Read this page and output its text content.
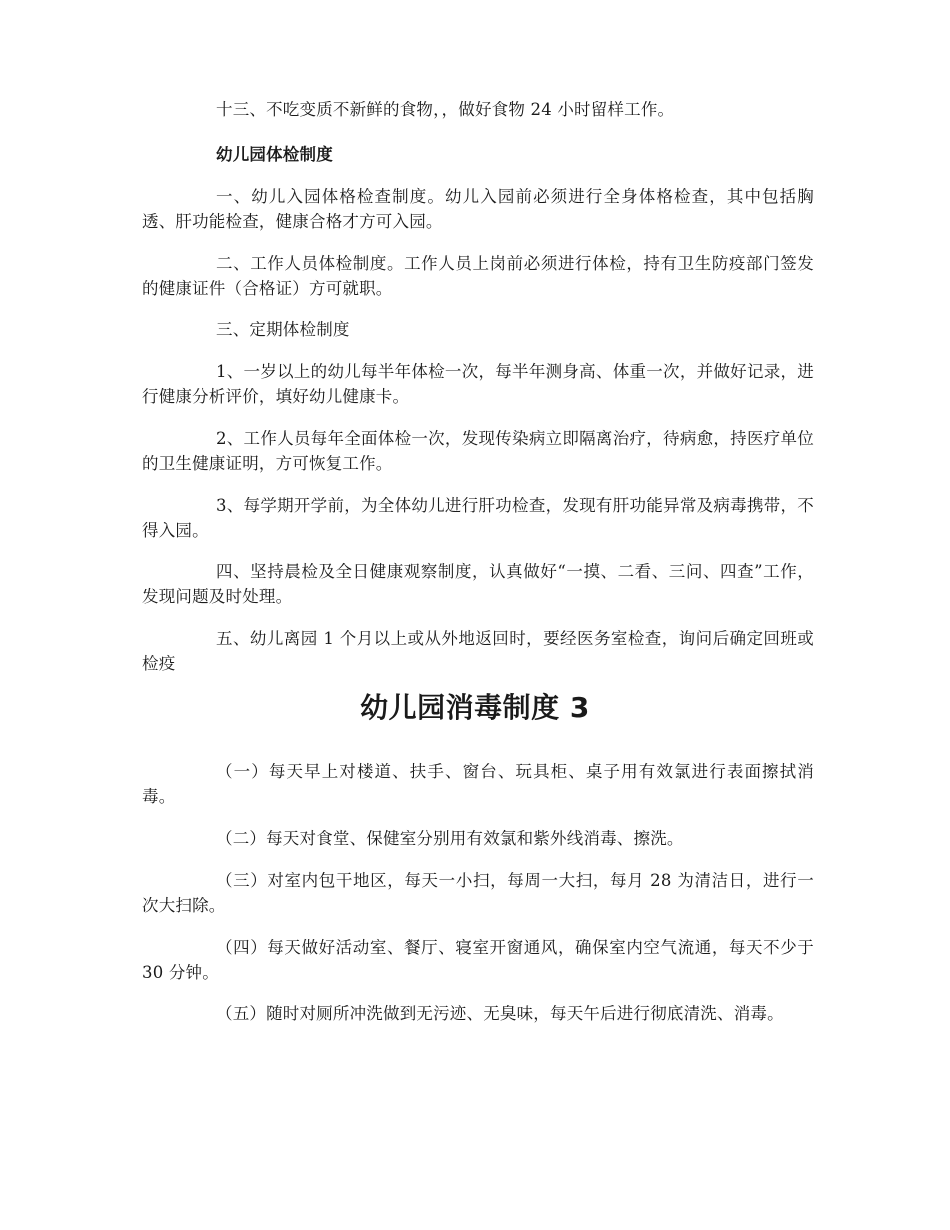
十三、不吃变质不新鲜的食物，，做好食物 24 小时留样工作。

幼儿园体检制度

一、幼儿入园体格检查制度。幼儿入园前必须进行全身体格检查，其中包括胸透、肝功能检查，健康合格才方可入园。

二、工作人员体检制度。工作人员上岗前必须进行体检，持有卫生防疫部门签发的健康证件（合格证）方可就职。

三、定期体检制度

1、一岁以上的幼儿每半年体检一次，每半年测身高、体重一次，并做好记录，进行健康分析评价，填好幼儿健康卡。

2、工作人员每年全面体检一次，发现传染病立即隔离治疗，待病愈，持医疗单位的卫生健康证明，方可恢复工作。

3、每学期开学前，为全体幼儿进行肝功检查，发现有肝功能异常及病毒携带，不得入园。

四、坚持晨检及全日健康观察制度，认真做好“一摸、二看、三问、四查”工作，发现问题及时处理。

五、幼儿离园 1 个月以上或从外地返回时，要经医务室检查，询问后确定回班或检疫

幼儿园消毒制度 3

（一）每天早上对楼道、扶手、窗台、玩具柜、桌子用有效氯进行表面擦拭消毒。

（二）每天对食堂、保健室分别用有效氯和紫外线消毒、擦洗。

（三）对室内包干地区，每天一小扫，每周一大扫，每月 28 为清洁日，进行一次大扫除。

（四）每天做好活动室、餐厅、寝室开窗通风，确保室内空气流通，每天不少于 30 分钟。

（五）随时对厕所冲洗做到无污迹、无臭味，每天午后进行彻底清洗、消毒。
